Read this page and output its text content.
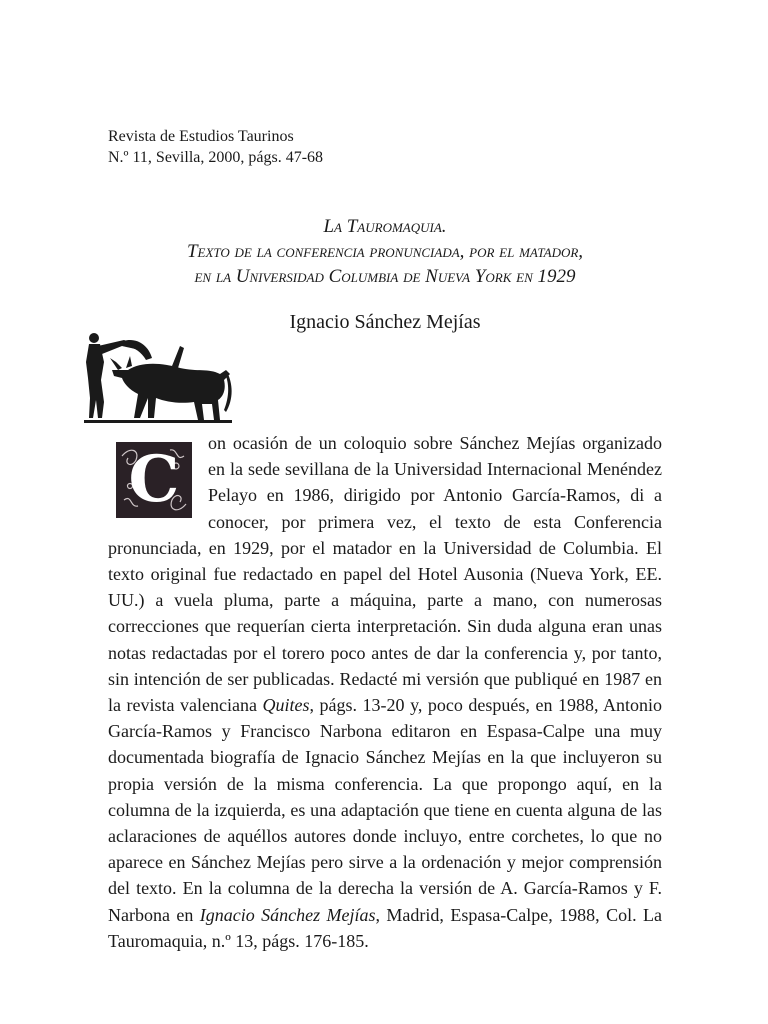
Revista de Estudios Taurinos
N.º 11, Sevilla, 2000, págs. 47-68
La Tauromaquia.
Texto de la conferencia pronunciada, por el matador,
en la Universidad Columbia de Nueva York en 1929
Ignacio Sánchez Mejías
C on ocasión de un coloquio sobre Sánchez Mejías organizado en la sede sevillana de la Universidad Internacional Menéndez Pelayo en 1986, dirigido por Antonio García-Ramos, di a conocer, por primera vez, el texto de esta Conferencia pronunciada, en 1929, por el matador en la Universidad de Columbia. El texto original fue redactado en papel del Hotel Ausonia (Nueva York, EE. UU.) a vuela pluma, parte a máquina, parte a mano, con numerosas correcciones que requerían cierta interpretación. Sin duda alguna eran unas notas redactadas por el torero poco antes de dar la conferencia y, por tanto, sin intención de ser publicadas. Redacté mi versión que publiqué en 1987 en la revista valenciana Quites, págs. 13-20 y, poco después, en 1988, Antonio García-Ramos y Francisco Narbona editaron en Espasa-Calpe una muy documentada biografía de Ignacio Sánchez Mejías en la que incluyeron su propia versión de la misma conferencia. La que propongo aquí, en la columna de la izquierda, es una adaptación que tiene en cuenta alguna de las aclaraciones de aquéllos autores donde incluyo, entre corchetes, lo que no aparece en Sánchez Mejías pero sirve a la ordenación y mejor comprensión del texto. En la columna de la derecha la versión de A. García-Ramos y F. Narbona en Ignacio Sánchez Mejías, Madrid, Espasa-Calpe, 1988, Col. La Tauromaquia, n.º 13, págs. 176-185.
